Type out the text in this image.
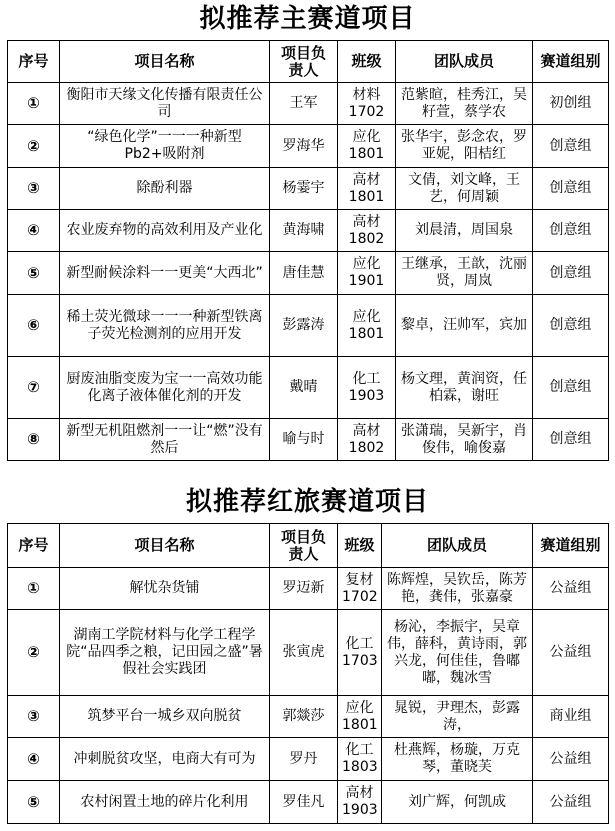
拟推荐主赛道项目
序号	项目名称	项目负责人	班级	团队成员	赛道组别
①	衡阳市天缘文化传播有限责任公司	王军	材料1702	范紫暄，桂秀江，吴籽萱，蔡学农	初创组
②	“绿色化学”一一一种新型Pb2+吸附剂	罗海华	应化1801	张华宇，彭念农，罗亚妮，阳桔红	创意组
③	除酚利器	杨霎宇	高材1801	文倩，刘文峰，王艺，何周颖	创意组
④	农业废弃物的高效利用及产业化	黄海啸	高材1802	刘晨清，周国泉	创意组
⑤	新型耐候涂料一一更美“大西北”	唐佳慧	应化1901	王继承，王歆，沈丽贤，周岚	创意组
⑥	稀土荧光微球一一一种新型铁离子荧光检测剂的应用开发	彭露涛	应化1801	黎卓，汪帅军，宾加	创意组
⑦	厨废油脂变废为宝一一高效功能化离子液体催化剂的开发	戴晴	化工1903	杨文理，黄润资，任柏霖，谢旺	创意组
⑧	新型无机阻燃剂一一让“燃”没有然后	喻与时	高材1802	张潇瑞，吴新宇，肖俊伟，喻俊嘉	创意组
拟推荐红旅赛道项目
序号	项目名称	项目负责人	班级	团队成员	赛道组别
①	解忧杂货铺	罗迈新	复材1702	陈辉煌，吴钦岳，陈芳艳，龚伟，张嘉豪	公益组
②	湖南工学院材料与化学工程学院“品四季之粮，记田园之盛”暑假社会实践团	张寅虎	化工1703	杨沁，李振宇，吴章伟，薛科，黄诗雨，郭兴龙，何佳佳，鲁嘟嘟，魏冰雪	公益组
③	筑梦平台一城乡双向脱贫	郭燚莎	应化1801	晁锐，尹理杰，彭露涛，	商业组
④	冲刺脱贫攻坚，电商大有可为	罗丹	化工1803	杜燕辉，杨璇，万克琴，董晓芙	公益组
⑤	农村闲置土地的碎片化利用	罗佳凡	高材1903	刘广辉，何凯成	公益组
